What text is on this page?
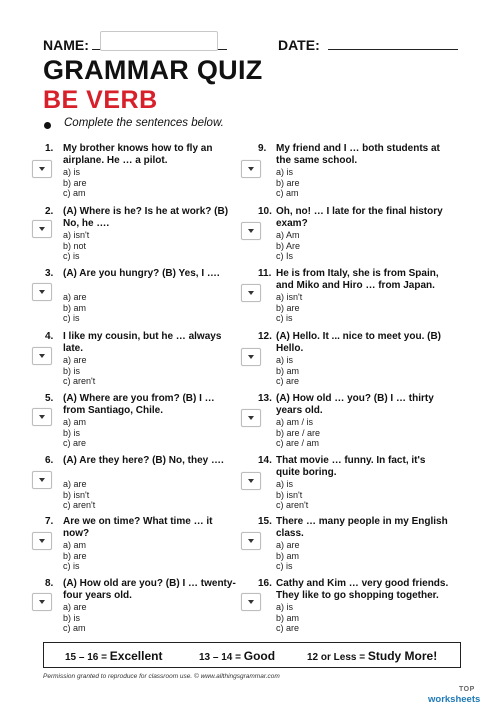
NAME:	DATE:
GRAMMAR QUIZ
BE VERB
Complete the sentences below.
1. My brother knows how to fly an airplane. He … a pilot.
a) is
b) are
c) am
2. (A) Where is he? Is he at work? (B) No, he ….
a) isn't
b) not
c) is
3. (A) Are you hungry? (B) Yes, I ….
a) are
b) am
c) is
4. I like my cousin, but he … always late.
a) are
b) is
c) aren't
5. (A) Where are you from? (B) I … from Santiago, Chile.
a) am
b) is
c) are
6. (A) Are they here? (B) No, they ….
a) are
b) isn't
c) aren't
7. Are we on time? What time … it now?
a) am
b) are
c) is
8. (A) How old are you? (B) I … twenty-four years old.
a) are
b) is
c) am
9. My friend and I … both students at the same school.
a) is
b) are
c) am
10. Oh, no! … I late for the final history exam?
a) Am
b) Are
c) Is
11. He is from Italy, she is from Spain, and Miko and Hiro … from Japan.
a) isn't
b) are
c) is
12. (A) Hello. It ... nice to meet you. (B) Hello.
a) is
b) am
c) are
13. (A) How old … you? (B) I … thirty years old.
a) am / is
b) are / are
c) are / am
14. That movie … funny. In fact, it's quite boring.
a) is
b) isn't
c) aren't
15. There … many people in my English class.
a) are
b) am
c) is
16. Cathy and Kim … very good friends. They like to go shopping together.
a) is
b) am
c) are
15 – 16 = Excellent	13 – 14 = Good	12 or Less = Study More!
Permission granted to reproduce for classroom use. © www.allthingsgrammar.com
TOP
worksheets
